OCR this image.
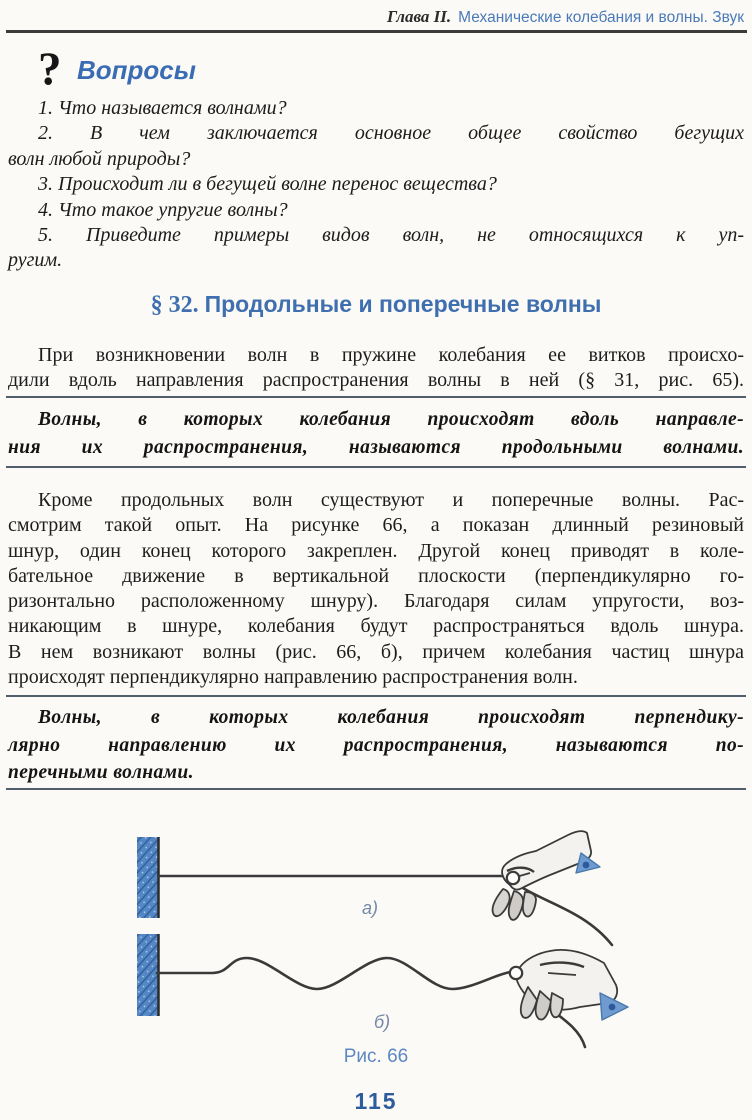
Глава II. Механические колебания и волны. Звук
? Вопросы
1. Что называется волнами?
2. В чем заключается основное общее свойство бегущих
волн любой природы?
3. Происходит ли в бегущей волне перенос вещества?
4. Что такое упругие волны?
5. Приведите примеры видов волн, не относящихся к уп-
ругим.
§ 32. Продольные и поперечные волны
При возникновении волн в пружине колебания ее витков происхо-
дили вдоль направления распространения волны в ней (§ 31, рис. 65).
Волны, в которых колебания происходят вдоль направле-
ния их распространения, называются продольными волнами.
Кроме продольных волн существуют и поперечные волны. Рас-
смотрим такой опыт. На рисунке 66, а показан длинный резиновый
шнур, один конец которого закреплен. Другой конец приводят в коле-
бательное движение в вертикальной плоскости (перпендикулярно го-
ризонтально расположенному шнуру). Благодаря силам упругости, воз-
никающим в шнуре, колебания будут распространяться вдоль шнура.
В нем возникают волны (рис. 66, б), причем колебания частиц шнура
происходят перпендикулярно направлению распространения волн.
Волны, в которых колебания происходят перпендику-
лярно направлению их распространения, называются по-
перечными волнами.
а)
б)
Рис. 66
115
